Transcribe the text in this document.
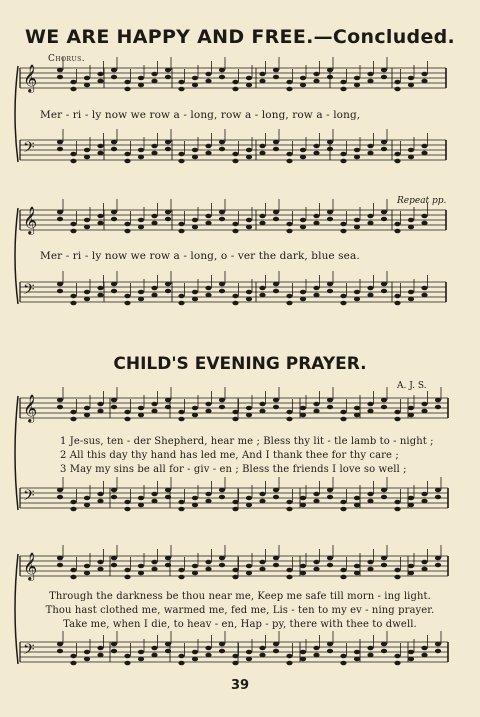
WE ARE HAPPY AND FREE.—Concluded.
Chorus.
𝄞
𝄢
𝄞
𝄢
𝄞
𝄢
𝄞
𝄢
Mer - ri - ly now we row a - long, row a - long, row a - long,
Repeat pp.
Mer - ri - ly now we row a - long, o - ver the dark, blue sea.
CHILD'S EVENING PRAYER.
A. J. S.
1 Je-sus, ten - der Shepherd, hear me ; Bless thy lit - tle lamb to - night ;
2 All this day thy hand has led me, And I thank thee for thy care ;
3 May my sins be all for - giv - en ; Bless the friends I love so well ;
Through the darkness be thou near me, Keep me safe till morn - ing light.
Thou hast clothed me, warmed me, fed me, Lis - ten to my ev - ning prayer.
Take me, when I die, to heav - en, Hap - py, there with thee to dwell.
39
